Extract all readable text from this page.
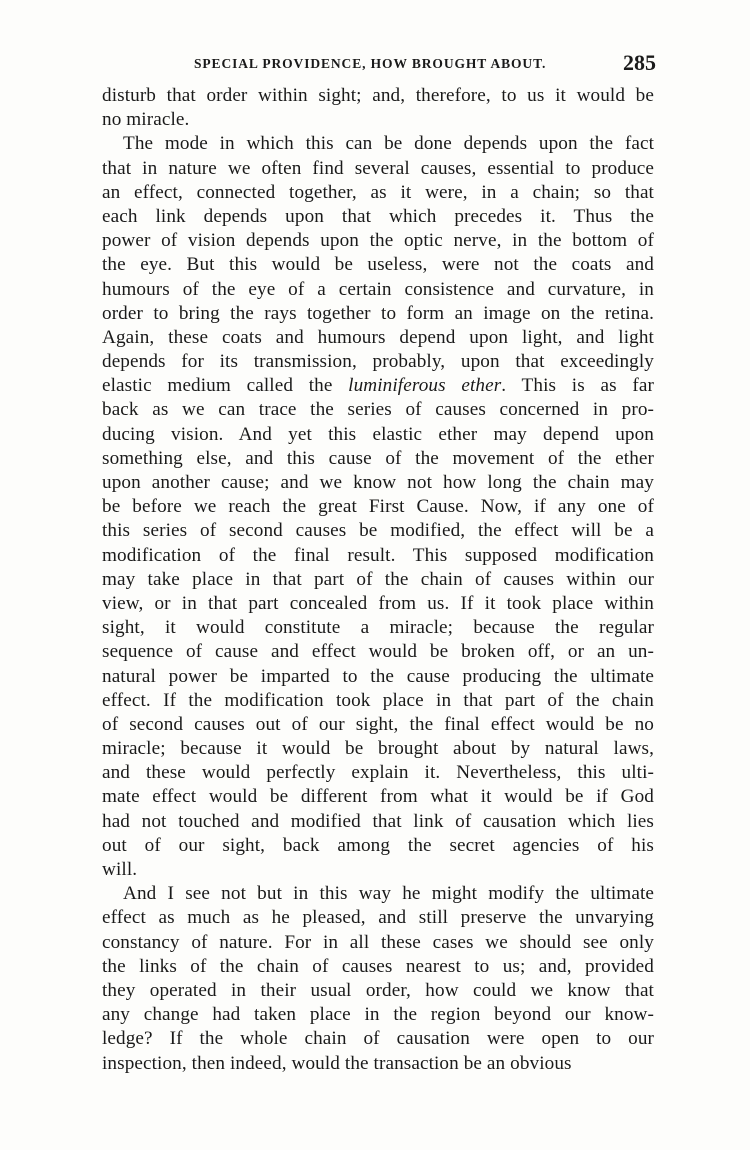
SPECIAL PROVIDENCE, HOW BROUGHT ABOUT.	285

disturb that order within sight; and, therefore, to us it would be
no miracle.

The mode in which this can be done depends upon the fact
that in nature we often find several causes, essential to produce
an effect, connected together, as it were, in a chain; so that
each link depends upon that which precedes it. Thus the
power of vision depends upon the optic nerve, in the bottom of
the eye. But this would be useless, were not the coats and
humours of the eye of a certain consistence and curvature, in
order to bring the rays together to form an image on the retina.
Again, these coats and humours depend upon light, and light
depends for its transmission, probably, upon that exceedingly
elastic medium called the luminiferous ether. This is as far
back as we can trace the series of causes concerned in pro-
ducing vision. And yet this elastic ether may depend upon
something else, and this cause of the movement of the ether
upon another cause; and we know not how long the chain may
be before we reach the great First Cause. Now, if any one of
this series of second causes be modified, the effect will be a
modification of the final result. This supposed modification
may take place in that part of the chain of causes within our
view, or in that part concealed from us. If it took place within
sight, it would constitute a miracle; because the regular
sequence of cause and effect would be broken off, or an un-
natural power be imparted to the cause producing the ultimate
effect. If the modification took place in that part of the chain
of second causes out of our sight, the final effect would be no
miracle; because it would be brought about by natural laws,
and these would perfectly explain it. Nevertheless, this ulti-
mate effect would be different from what it would be if God
had not touched and modified that link of causation which lies
out of our sight, back among the secret agencies of his
will.

And I see not but in this way he might modify the ultimate
effect as much as he pleased, and still preserve the unvarying
constancy of nature. For in all these cases we should see only
the links of the chain of causes nearest to us; and, provided
they operated in their usual order, how could we know that
any change had taken place in the region beyond our know-
ledge? If the whole chain of causation were open to our
inspection, then indeed, would the transaction be an obvious
